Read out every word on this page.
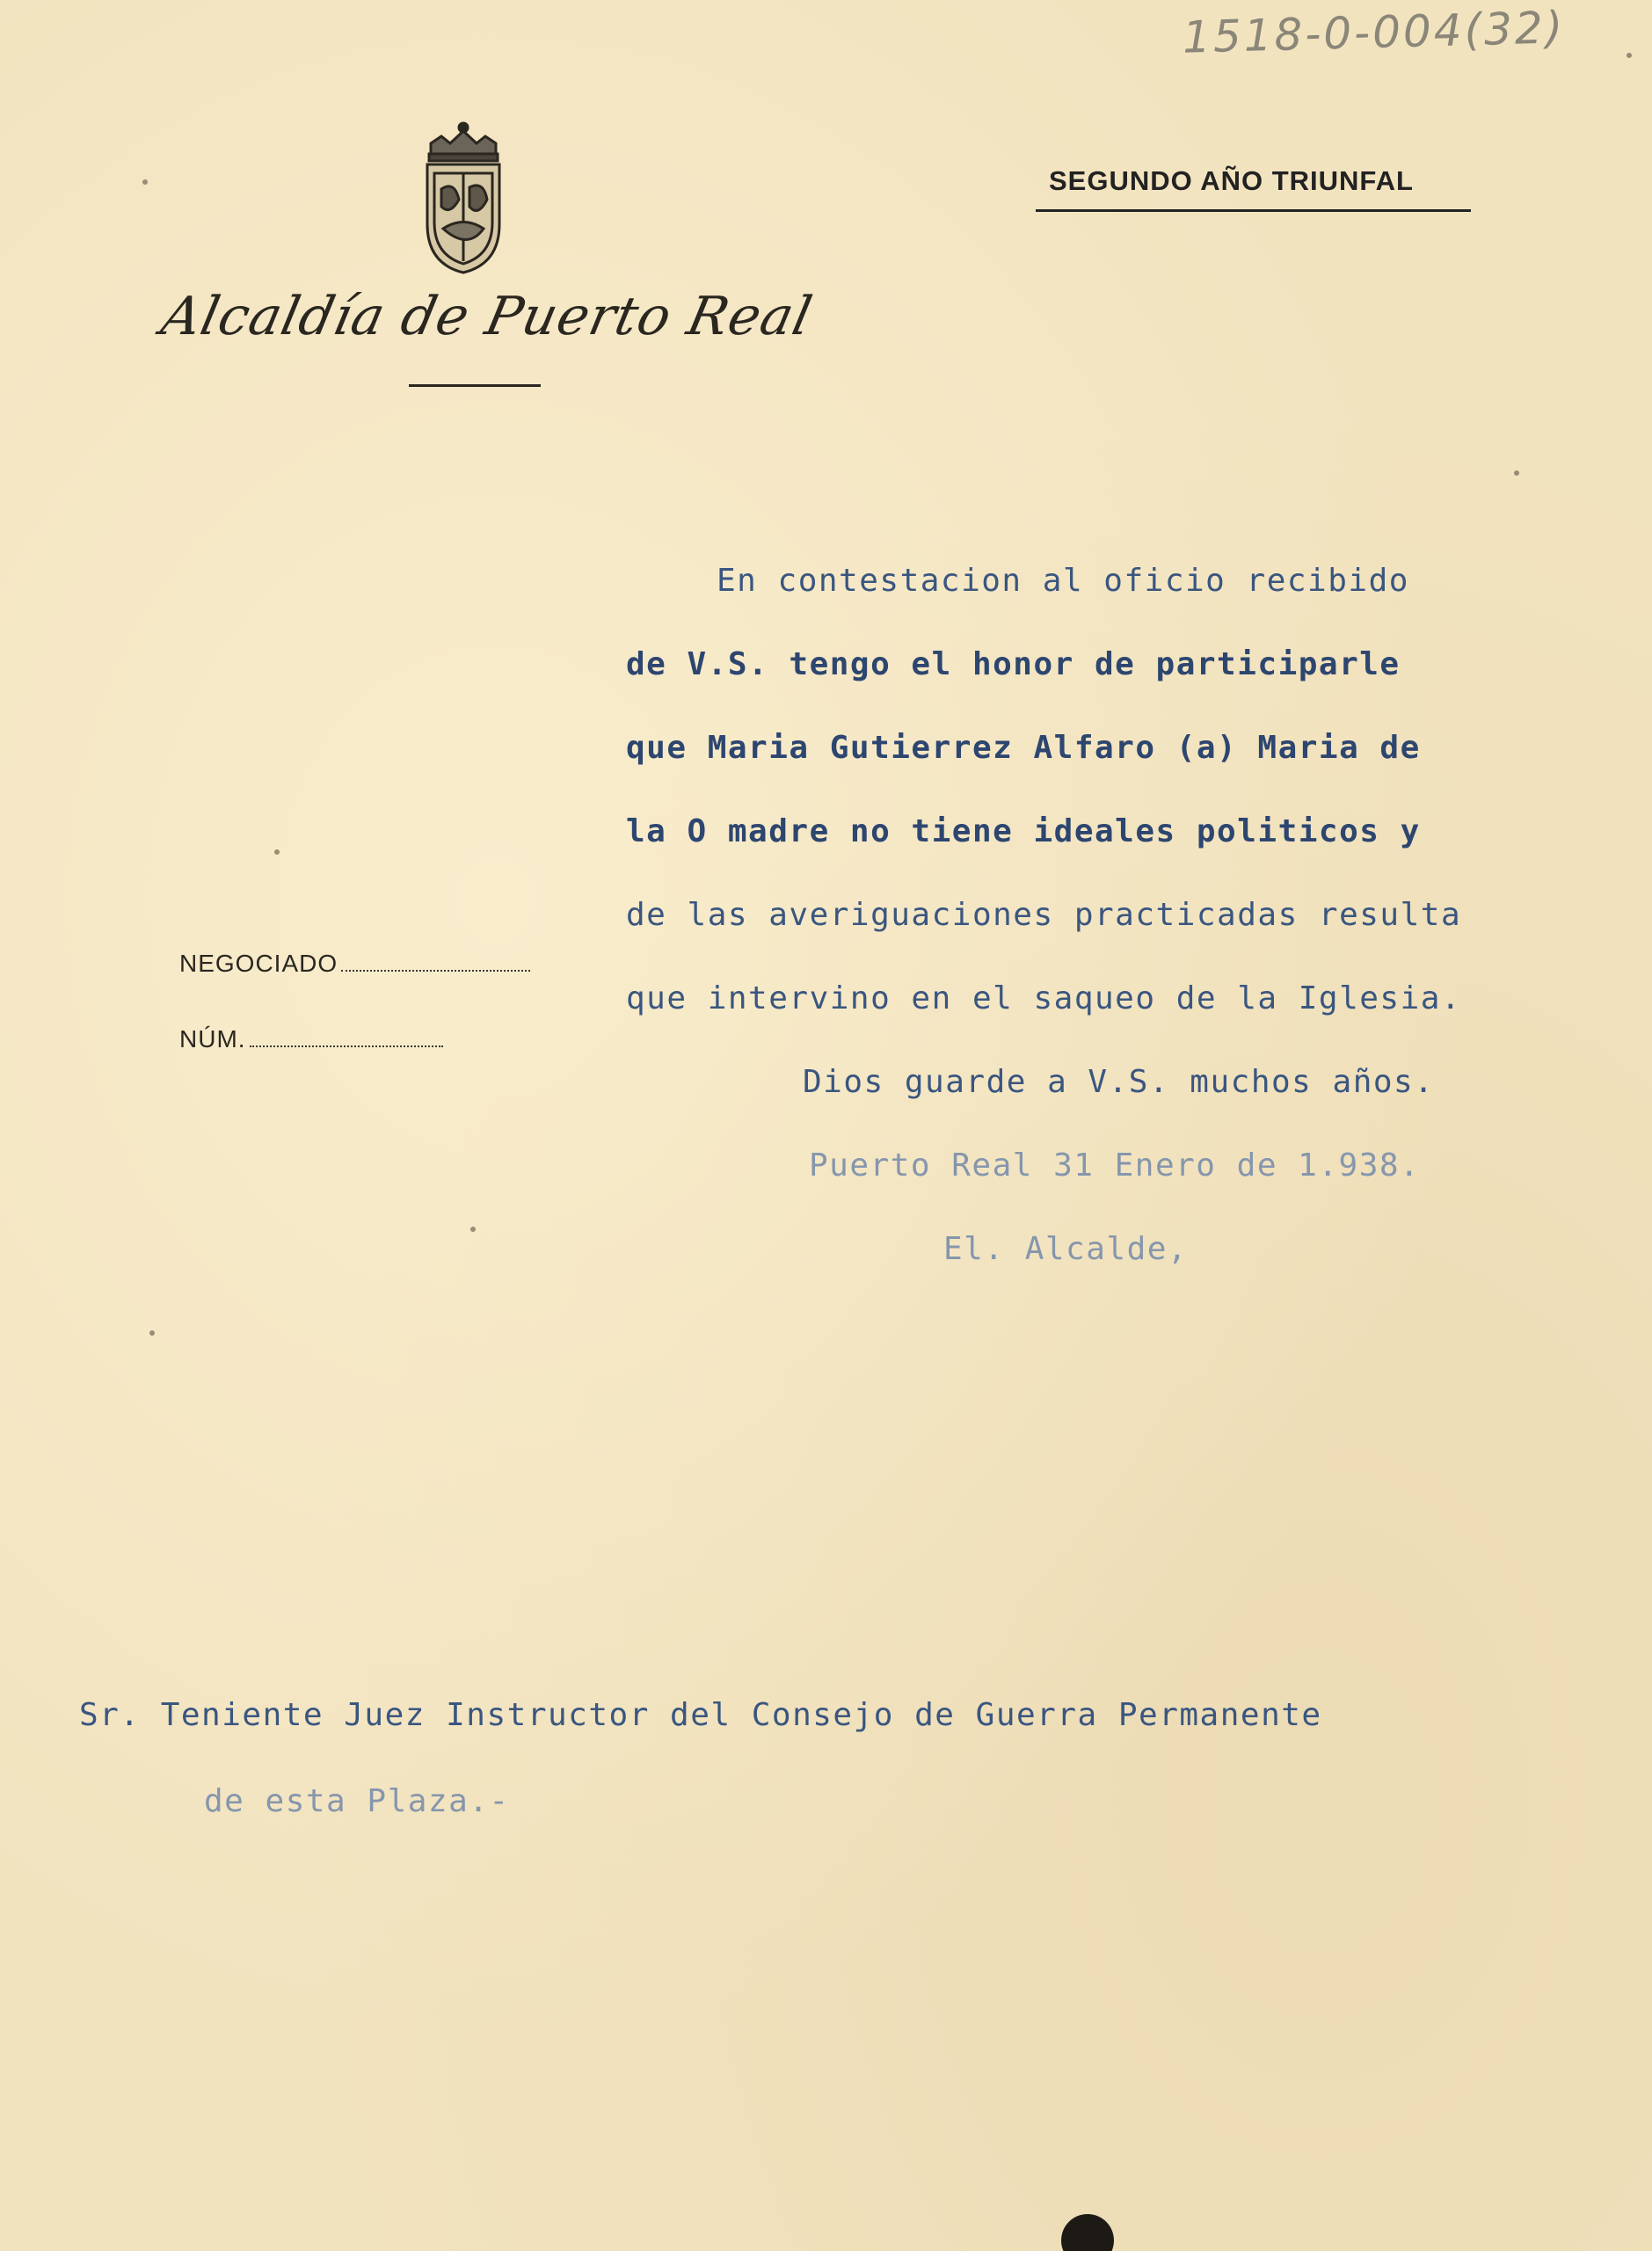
1518-0-004(32)
Alcaldía de Puerto Real
SEGUNDO AÑO TRIUNFAL
NEGOCIADO
NÚM.
En contestacion al oficio recibido
de V.S. tengo el honor de participarle
que Maria Gutierrez Alfaro (a) Maria de
la O madre no tiene ideales politicos y
de las averiguaciones practicadas resulta
que intervino en el saqueo de la Iglesia.
Dios guarde a V.S. muchos años.
Puerto Real 31 Enero de 1.938.
El. Alcalde,
Sr. Teniente Juez Instructor del Consejo de Guerra Permanente
de esta Plaza.-
